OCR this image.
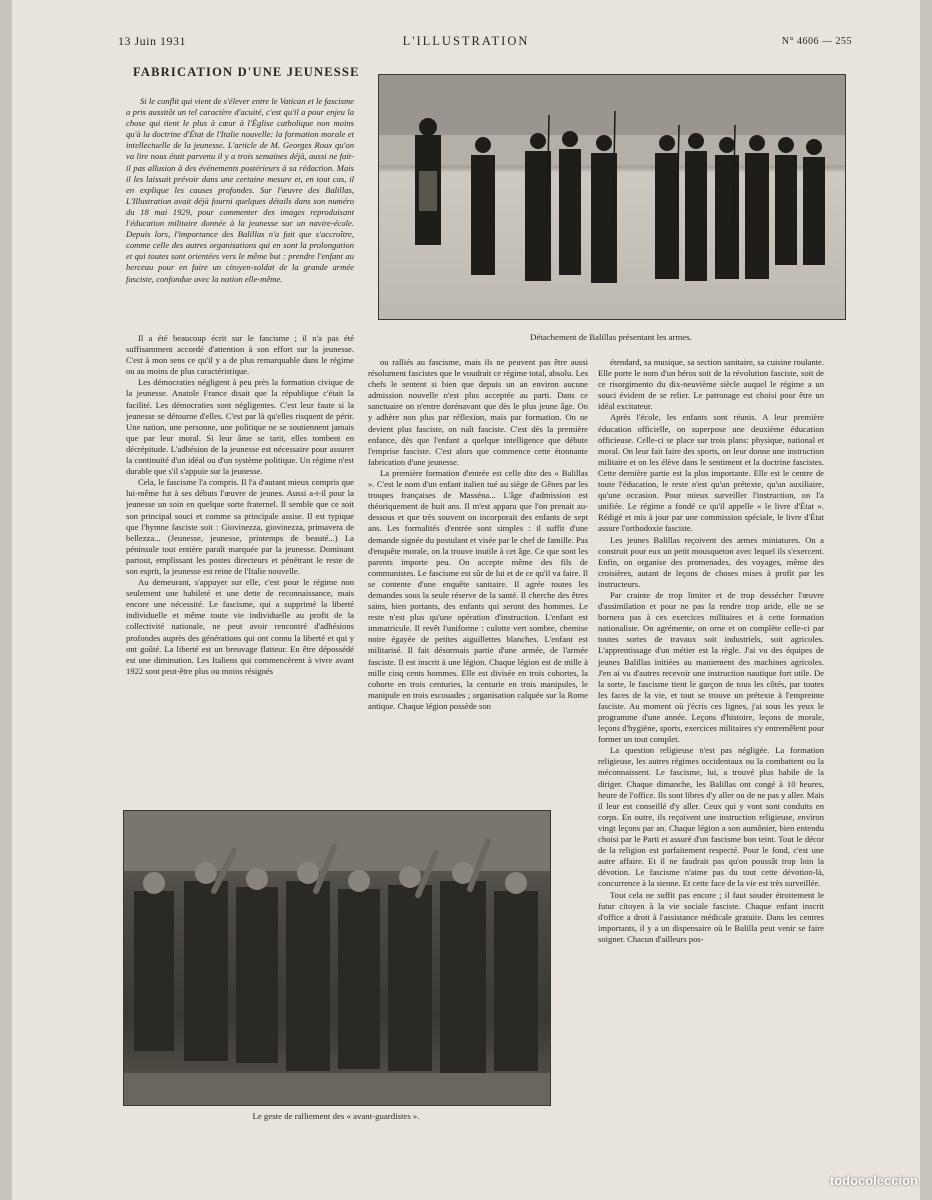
13 Juin 1931	L'ILLUSTRATION	N° 4606 — 255
FABRICATION D'UNE JEUNESSE
Si le conflit qui vient de s'élever entre le Vatican et le fascisme a pris aussitôt un tel caractère d'acuité, c'est qu'il a pour enjeu la chose qui tient le plus à cœur à l'Église catholique non moins qu'à la doctrine d'État de l'Italie nouvelle: la formation morale et intellectuelle de la jeunesse. L'article de M. Georges Roux qu'on va lire nous était parvenu il y a trois semaines déjà, aussi ne fait-il pas allusion à des événements postérieurs à sa rédaction. Mais il les laissait prévoir dans une certaine mesure et, en tout cas, il en explique les causes profondes. Sur l'œuvre des Balillas, L'Illustration avait déjà fourni quelques détails dans son numéro du 18 mai 1929, pour commenter des images reproduisant l'éducation militaire donnée à la jeunesse sur un navire-école. Depuis lors, l'importance des Balillas n'a fait que s'accroître, comme celle des autres organisations qui en sont la prolongation et qui toutes sont orientées vers le même but : prendre l'enfant au berceau pour en faire un citoyen-soldat de la grande armée fasciste, confondue avec la nation elle-même.
Détachement de Balillas présentant les armes.

Il a été beaucoup écrit sur le fascisme ; il n'a pas été suffisamment accordé d'attention à son effort sur la jeunesse. C'est à mon sens ce qu'il y a de plus remarquable dans le régime ou au moins de plus caractéristique.

Les démocraties négligent à peu près la formation civique de la jeunesse. Anatole France disait que la république c'était la facilité. Les démocraties sont négligentes. C'est leur faute si la jeunesse se détourne d'elles. C'est par là qu'elles risquent de périr. Une nation, une personne, une politique ne se soutiennent jamais que par leur moral. Si leur âme se tarit, elles tombent en décrépitude. L'adhésion de la jeunesse est nécessaire pour assurer la continuité d'un idéal ou d'un système politique. Un régime n'est durable que s'il s'appuie sur la jeunesse.

Cela, le fascisme l'a compris. Il l'a d'autant mieux compris que lui-même fut à ses débuts l'œuvre de jeunes. Aussi a-t-il pour la jeunesse un soin en quelque sorte fraternel. Il semble que ce soit son principal souci et comme sa principale assise. Il est typique que l'hymne fasciste soit : Giovinezza, giovinezza, primavera de bellezza... (Jeunesse, jeunesse, printemps de beauté...) La péninsule tout entière paraît marquée par la jeunesse. Dominant partout, emplissant les postes directeurs et pénétrant le reste de son esprit, la jeunesse est reine de l'Italie nouvelle.

Au demeurant, s'appuyer sur elle, c'est pour le régime non seulement une habileté et une dette de reconnaissance, mais encore une nécessité. Le fascisme, qui a supprimé la liberté individuelle et même toute vie individuelle au profit de la collectivité nationale, ne peut avoir rencontré d'adhésions profondes auprès des générations qui ont connu la liberté et qui y ont goûté. La liberté est un breuvage flatteur. En être dépossédé est une diminution. Les Italiens qui commencèrent à vivre avant 1922 sont peut-être plus ou moins résignés

ou ralliés au fascisme, mais ils ne peuvent pas être aussi résolument fascistes que le voudrait ce régime total, absolu. Les chefs le sentent si bien que depuis un an environ aucune admission nouvelle n'est plus acceptée au parti. Dans ce sanctuaire on n'entre dorénavant que dès le plus jeune âge. On y adhère non plus par réflexion, mais par formation. On ne devient plus fasciste, on naît fasciste. C'est dès la première enfance, dès que l'enfant a quelque intelligence que débute l'emprise fasciste. C'est alors que commence cette étonnante fabrication d'une jeunesse.

La première formation d'entrée est celle dite des « Balillas ». C'est le nom d'un enfant italien tué au siège de Gênes par les troupes françaises de Masséna... L'âge d'admission est théoriquement de huit ans. Il m'est apparu que l'on prenait au-dessous et que très souvent on incorporait des enfants de sept ans. Les formalités d'entrée sont simples : il suffit d'une demande signée du postulant et visée par le chef de famille. Pas d'enquête morale, on la trouve inutile à cet âge. Ce que sont les parents importe peu. On accepte même des fils de communistes. Le fascisme est sûr de lui et de ce qu'il va faire. Il se contente d'une enquête sanitaire. Il agrée toutes les demandes sous la seule réserve de la santé. Il cherche des êtres sains, bien portants, des enfants qui seront des hommes. Le reste n'est plus qu'une opération d'instruction. L'enfant est immatricule. Il revêt l'uniforme : culotte vert sombre, chemise noire égayée de petites aiguillettes blanches. L'enfant est militarisé. Il fait désormais partie d'une armée, de l'armée fasciste. Il est inscrit à une légion. Chaque légion est de mille à mille cinq cents hommes. Elle est divisée en trois cohortes, la cohorte en trois centuries, la centurie en trois manipules, le manipule en trois escouades ; organisation calquée sur la Rome antique. Chaque légion possède son

étendard, sa musique, sa section sanitaire, sa cuisine roulante. Elle porte le nom d'un héros soit de la révolution fasciste, soit de ce risorgimento du dix-neuvième siècle auquel le régime a un souci évident de se relier. Le patronage est choisi pour être un idéal excitateur.

Après l'école, les enfants sont réunis. A leur première éducation officielle, on superpose une deuxième éducation officieuse. Celle-ci se place sur trois plans: physique, national et moral. On leur fait faire des sports, on leur donne une instruction militaire et on les élève dans le sentiment et la doctrine fascistes. Cette dernière partie est la plus importante. Elle est le centre de toute l'éducation, le reste n'est qu'un prétexte, qu'un auxiliaire, qu'une occasion. Pour mieux surveiller l'instruction, on l'a unifiée. Le régime a fondé ce qu'il appelle « le livre d'État ». Rédigé et mis à jour par une commission spéciale, le livre d'État assure l'orthodoxie fasciste.

Les jeunes Balillas reçoivent des armes miniatures. On a construit pour eux un petit mousqueton avec lequel ils s'exercent. Enfin, on organise des promenades, des voyages, même des croisières, autant de leçons de choses mises à profit par les instructeurs.

Par crainte de trop limiter et de trop dessécher l'œuvre d'assimilation et pour ne pas la rendre trop aride, elle ne se bornera pas à ces exercices militaires et à cette formation nationaliste. On agrémente, on orne et on complète celle-ci par toutes sortes de travaux soit industriels, soit agricoles. L'apprentissage d'un métier est la règle. J'ai vu des équipes de jeunes Balillas initiées au maniement des machines agricoles. J'en ai vu d'autres recevoir une instruction nautique fort utile. De la sorte, le fascisme tient le garçon de tous les côtés, par toutes les faces de la vie, et tout se trouve un prétexte à l'empreinte fasciste. Au moment où j'écris ces lignes, j'ai sous les yeux le programme d'une année. Leçons d'histoire, leçons de morale, leçons d'hygiène, sports, exercices militaires s'y entremêlent pour former un tout complet.

La question religieuse n'est pas négligée. La formation religieuse, les autres régimes occidentaux ou la combattent ou la méconnaissent. Le fascisme, lui, a trouvé plus habile de la diriger. Chaque dimanche, les Balillas ont congé à 10 heures, heure de l'office. Ils sont libres d'y aller ou de ne pas y aller. Mais il leur est conseillé d'y aller. Ceux qui y vont sont conduits en corps. En outre, ils reçoivent une instruction religieuse, environ vingt leçons par an. Chaque légion a son aumônier, bien entendu choisi par le Parti et assuré d'un fascisme bon teint. Tout le décor de la religion est parfaitement respecté. Pour le fond, c'est une autre affaire. Et il ne faudrait pas qu'on poussât trop loin la dévotion. Le fascisme n'aime pas du tout cette dévotion-là, concurrence à la sienne. Et cette face de la vie est très surveillée.

Tout cela ne suffit pas encore ; il faut souder étroitement le futur citoyen à la vie sociale fasciste. Chaque enfant inscrit d'office a droit à l'assistance médicale gratuite. Dans les centres importants, il y a un dispensaire où le Balilla peut venir se faire soigner. Chacun d'ailleurs pos-

Le geste de ralliement des « avant-guardistes ».
todocoleccion
